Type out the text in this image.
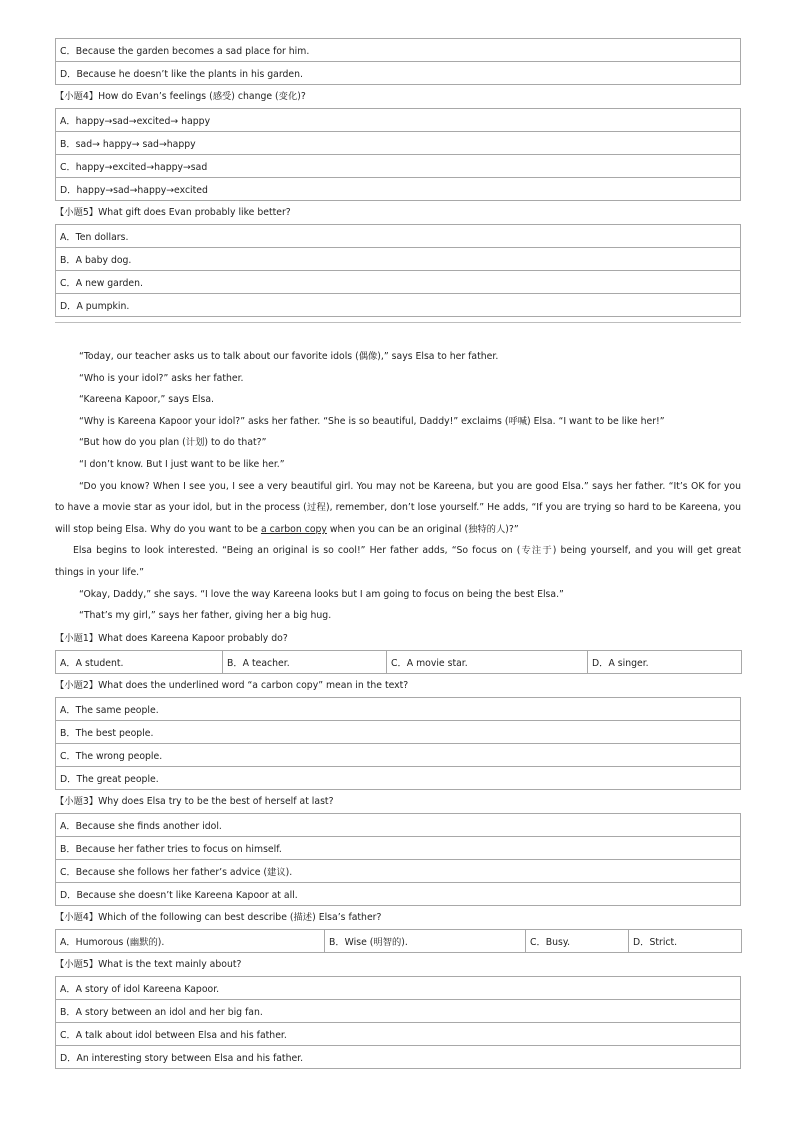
C．Because the garden becomes a sad place for him.
D．Because he doesn’t like the plants in his garden.
【小题4】How do Evan’s feelings (感受) change (变化)?
A．happy→sad→excited→ happy
B．sad→ happy→ sad→happy
C．happy→excited→happy→sad
D．happy→sad→happy→excited
【小题5】What gift does Evan probably like better?
A．Ten dollars.
B．A baby dog.
C．A new garden.
D．A pumpkin.
“Today, our teacher asks us to talk about our favorite idols (偶像),” says Elsa to her father.
“Who is your idol?” asks her father.
“Kareena Kapoor,” says Elsa.
“Why is Kareena Kapoor your idol?” asks her father. “She is so beautiful, Daddy!” exclaims (呼喊) Elsa. “I want to be like her!”
“But how do you plan (计划) to do that?”
“I don’t know. But I just want to be like her.”
“Do you know? When I see you, I see a very beautiful girl. You may not be Kareena, but you are good Elsa.” says her father. “It’s OK for you to have a movie star as your idol, but in the process (过程), remember, don’t lose yourself.” He adds, “If you are trying so hard to be Kareena, you will stop being Elsa. Why do you want to be a carbon copy when you can be an original (独特的人)?”
Elsa begins to look interested. “Being an original is so cool!” Her father adds, “So focus on (专注于) being yourself, and you will get great things in your life.”
“Okay, Daddy,” she says. “I love the way Kareena looks but I am going to focus on being the best Elsa.”
“That’s my girl,” says her father, giving her a big hug.
【小题1】What does Kareena Kapoor probably do?
A．A student.	B．A teacher.	C．A movie star.	D．A singer.
【小题2】What does the underlined word “a carbon copy” mean in the text?
A．The same people.
B．The best people.
C．The wrong people.
D．The great people.
【小题3】Why does Elsa try to be the best of herself at last?
A．Because she finds another idol.
B．Because her father tries to focus on himself.
C．Because she follows her father’s advice (建议).
D．Because she doesn’t like Kareena Kapoor at all.
【小题4】Which of the following can best describe (描述) Elsa’s father?
A．Humorous (幽默的).	B．Wise (明智的).	C．Busy.	D．Strict.
【小题5】What is the text mainly about?
A．A story of idol Kareena Kapoor.
B．A story between an idol and her big fan.
C．A talk about idol between Elsa and his father.
D．An interesting story between Elsa and his father.
